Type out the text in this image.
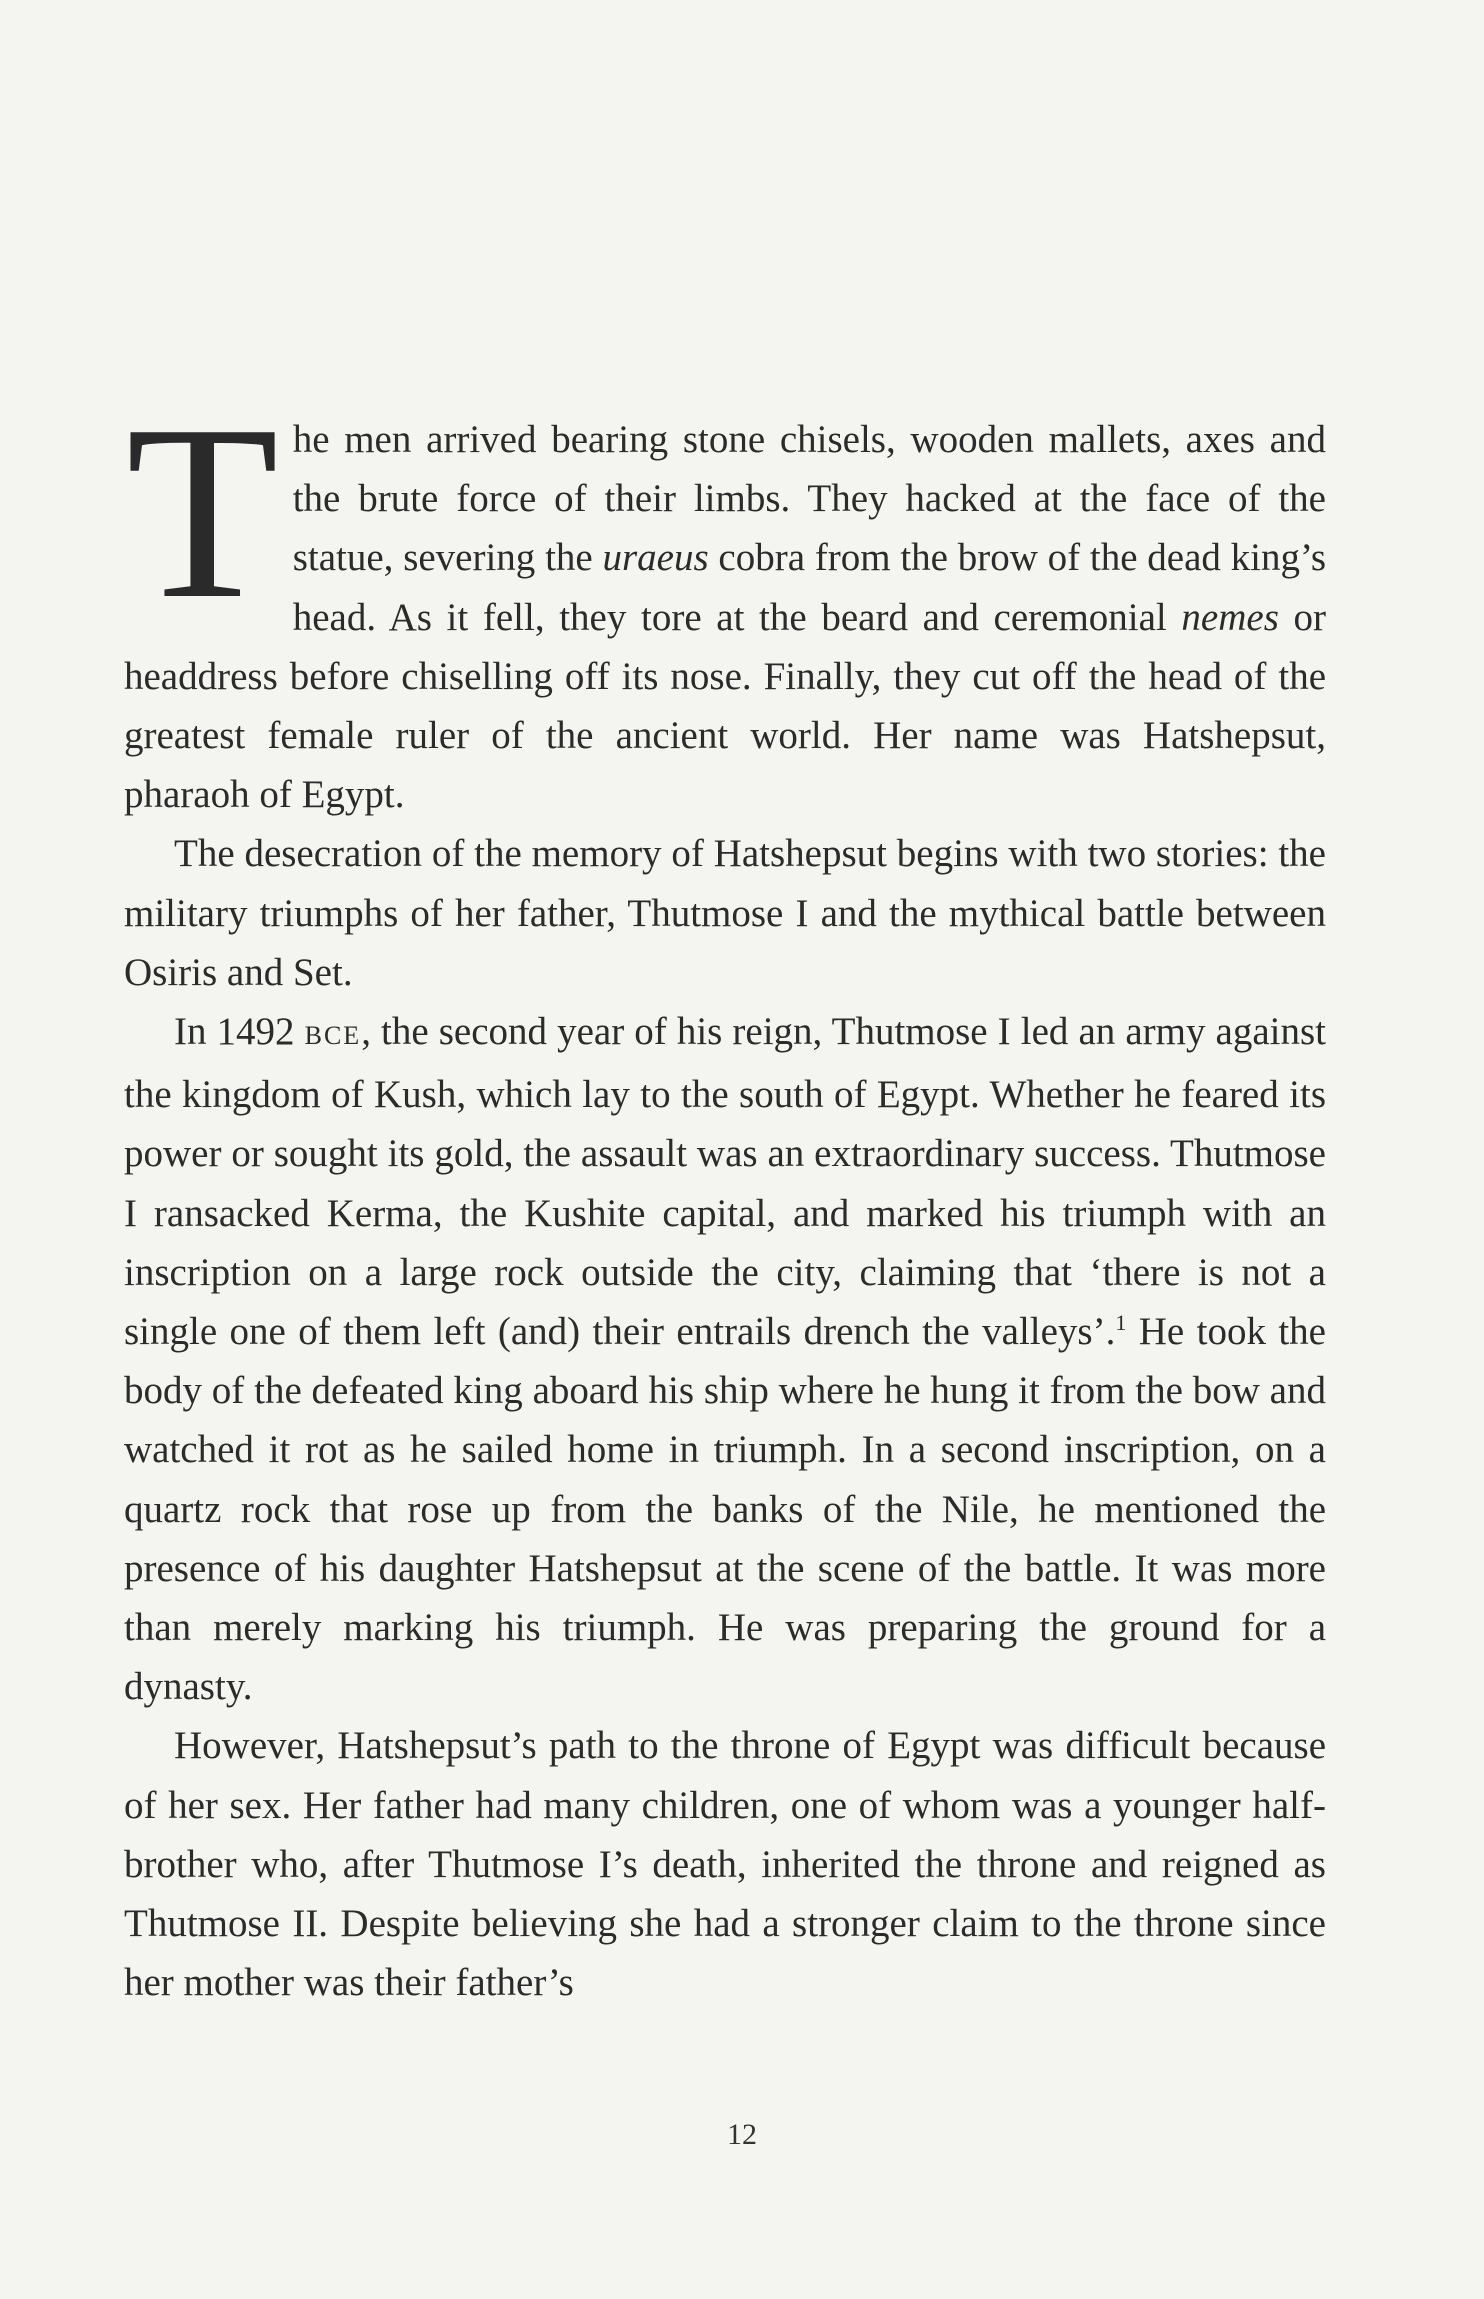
The men arrived bearing stone chisels, wooden mallets, axes and the brute force of their limbs. They hacked at the face of the statue, severing the uraeus cobra from the brow of the dead king’s head. As it fell, they tore at the beard and ceremonial nemes or headdress before chiselling off its nose. Finally, they cut off the head of the greatest female ruler of the ancient world. Her name was Hatshepsut, pharaoh of Egypt.

The desecration of the memory of Hatshepsut begins with two stories: the military triumphs of her father, Thutmose I and the mythical battle between Osiris and Set.

In 1492 BCE, the second year of his reign, Thutmose I led an army against the kingdom of Kush, which lay to the south of Egypt. Whether he feared its power or sought its gold, the assault was an extraordinary success. Thutmose I ransacked Kerma, the Kushite capital, and marked his triumph with an inscription on a large rock outside the city, claiming that ‘there is not a single one of them left (and) their entrails drench the valleys’.$^1$ He took the body of the defeated king aboard his ship where he hung it from the bow and watched it rot as he sailed home in triumph. In a second inscription, on a quartz rock that rose up from the banks of the Nile, he mentioned the presence of his daughter Hatshepsut at the scene of the battle. It was more than merely marking his triumph. He was preparing the ground for a dynasty.

However, Hatshepsut’s path to the throne of Egypt was difficult because of her sex. Her father had many children, one of whom was a younger half-brother who, after Thutmose I’s death, inherited the throne and reigned as Thutmose II. Despite believing she had a stronger claim to the throne since her mother was their father’s

12
